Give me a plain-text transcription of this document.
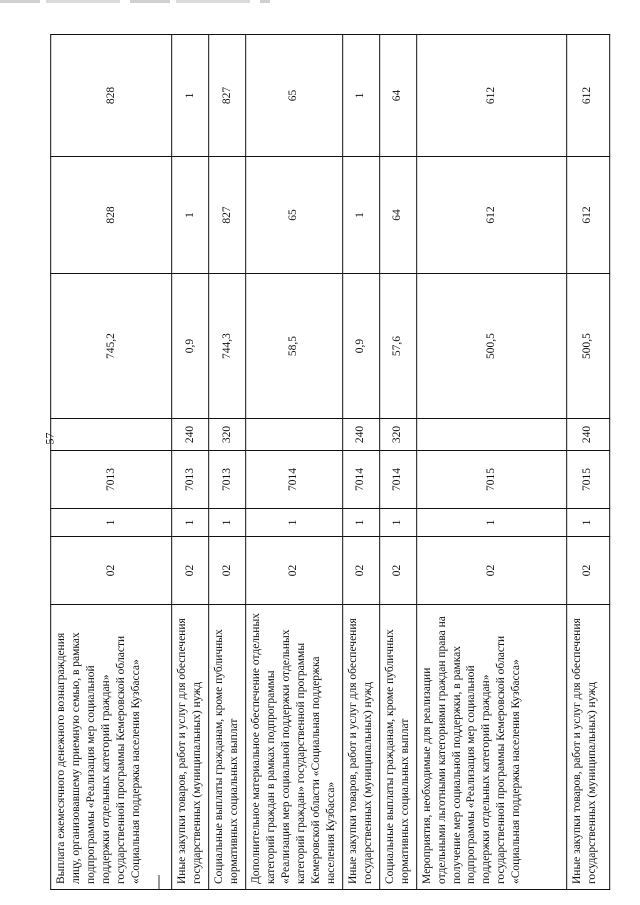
57
Выплата ежемесячного денежного вознаграждения лицу, организовавшему приемную семью, в рамках подпрограммы «Реализация мер социальной поддержки отдельных категорий граждан» государственной программы Кемеровской области «Социальная поддержка населения Кузбасса»	02	1	7013		745,2	828	828
Иные закупки товаров, работ и услуг для обеспечения государственных (муниципальных) нужд	02	1	7013	240	0,9	1	1
Социальные выплаты гражданам, кроме публичных нормативных социальных выплат	02	1	7013	320	744,3	827	827
Дополнительное материальное обеспечение отдельных категорий граждан в рамках подпрограммы «Реализация мер социальной поддержки отдельных категорий граждан» государственной программы Кемеровской области «Социальная поддержка населения Кузбасса»	02	1	7014		58,5	65	65
Иные закупки товаров, работ и услуг для обеспечения государственных (муниципальных) нужд	02	1	7014	240	0,9	1	1
Социальные выплаты гражданам, кроме публичных нормативных социальных выплат	02	1	7014	320	57,6	64	64
Мероприятия, необходимые для реализации отдельными льготными категориями граждан права на получение мер социальной поддержки, в рамках подпрограммы «Реализация мер социальной поддержки отдельных категорий граждан» государственной программы Кемеровской области «Социальная поддержка населения Кузбасса»	02	1	7015		500,5	612	612
Иные закупки товаров, работ и услуг для обеспечения государственных (муниципальных) нужд	02	1	7015	240	500,5	612	612
